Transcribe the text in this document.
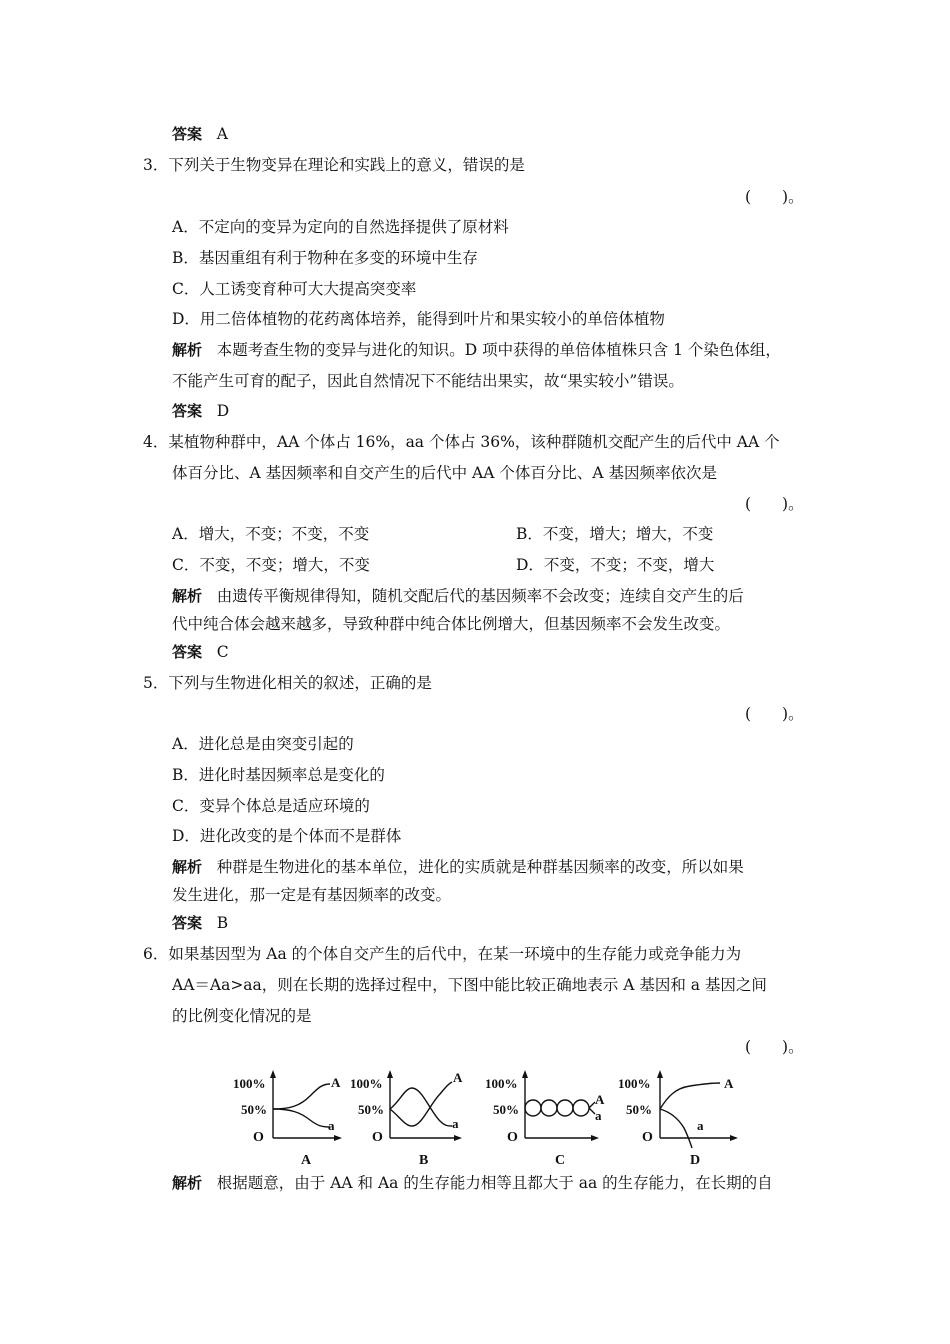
答案 A
3．下列关于生物变异在理论和实践上的意义，错误的是
(　　)。
A．不定向的变异为定向的自然选择提供了原材料
B．基因重组有利于物种在多变的环境中生存
C．人工诱变育种可大大提高突变率
D．用二倍体植物的花药离体培养，能得到叶片和果实较小的单倍体植物
解析 本题考查生物的变异与进化的知识。D 项中获得的单倍体植株只含 1 个染色体组，
不能产生可育的配子，因此自然情况下不能结出果实，故“果实较小”错误。
答案 D
4．某植物种群中，AA 个体占 16%，aa 个体占 36%，该种群随机交配产生的后代中 AA 个
体百分比、A 基因频率和自交产生的后代中 AA 个体百分比、A 基因频率依次是
(　　)。
A．增大，不变；不变，不变	B．不变，增大；增大，不变
C．不变，不变；增大，不变	D．不变，不变；不变，增大
解析 由遗传平衡规律得知，随机交配后代的基因频率不会改变；连续自交产生的后
代中纯合体会越来越多，导致种群中纯合体比例增大，但基因频率不会发生改变。
答案 C
5．下列与生物进化相关的叙述，正确的是
(　　)。
A．进化总是由突变引起的
B．进化时基因频率总是变化的
C．变异个体总是适应环境的
D．进化改变的是个体而不是群体
解析 种群是生物进化的基本单位，进化的实质就是种群基因频率的改变，所以如果
发生进化，那一定是有基因频率的改变。
答案 B
6．如果基因型为 Aa 的个体自交产生的后代中，在某一环境中的生存能力或竞争能力为
AA＝Aa>aa，则在长期的选择过程中，下图中能比较正确地表示 A 基因和 a 基因之间
的比例变化情况的是
(　　)。
100%
50%
O
A
a
A
100%
50%
O
A
a
B
100%
50%
O
A
a
C
100%
50%
O
A
a
D
解析 根据题意，由于 AA 和 Aa 的生存能力相等且都大于 aa 的生存能力，在长期的自
